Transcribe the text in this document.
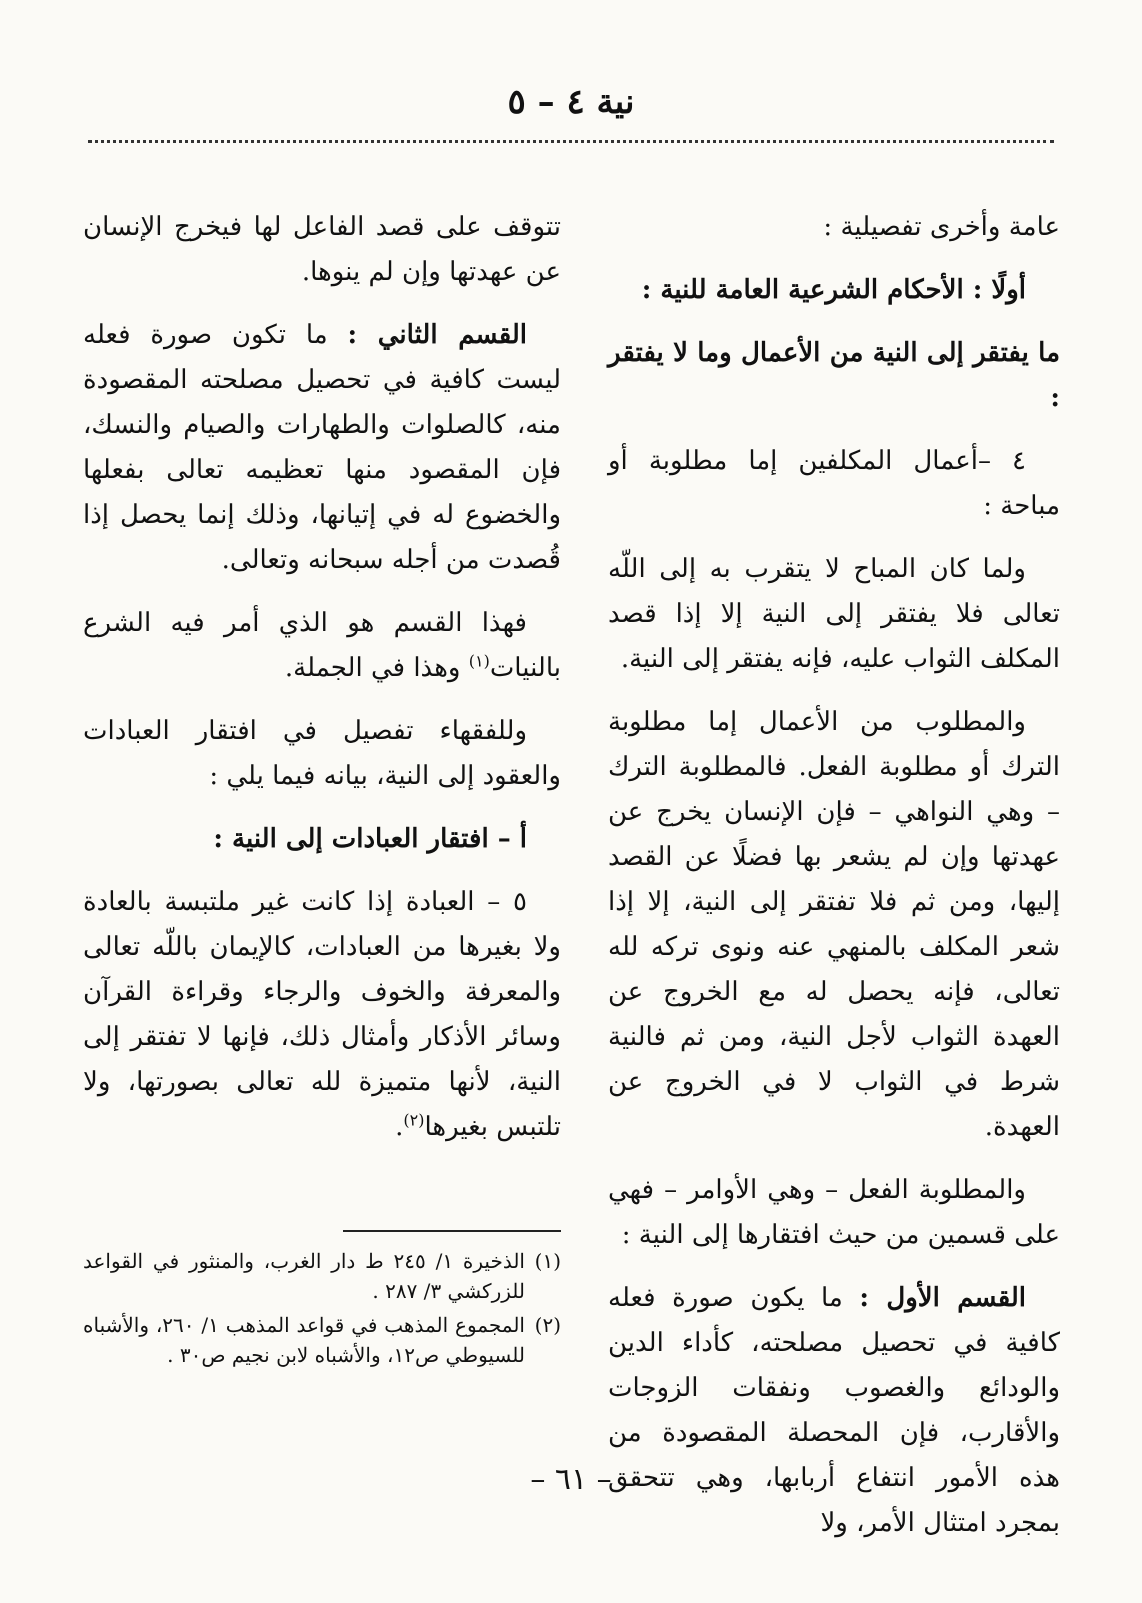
نية ٤ – ٥

عامة وأخرى تفصيلية :

أولًا : الأحكام الشرعية العامة للنية :

ما يفتقر إلى النية من الأعمال وما لا يفتقر :

٤ –أعمال المكلفين إما مطلوبة أو مباحة :

ولما كان المباح لا يتقرب به إلى اللّه تعالى فلا يفتقر إلى النية إلا إذا قصد المكلف الثواب عليه، فإنه يفتقر إلى النية.

والمطلوب من الأعمال إما مطلوبة الترك أو مطلوبة الفعل. فالمطلوبة الترك – وهي النواهي – فإن الإنسان يخرج عن عهدتها وإن لم يشعر بها فضلًا عن القصد إليها، ومن ثم فلا تفتقر إلى النية، إلا إذا شعر المكلف بالمنهي عنه ونوى تركه لله تعالى، فإنه يحصل له مع الخروج عن العهدة الثواب لأجل النية، ومن ثم فالنية شرط في الثواب لا في الخروج عن العهدة.

والمطلوبة الفعل – وهي الأوامر – فهي على قسمين من حيث افتقارها إلى النية :

القسم الأول : ما يكون صورة فعله كافية في تحصيل مصلحته، كأداء الدين والودائع والغصوب ونفقات الزوجات والأقارب، فإن المحصلة المقصودة من هذه الأمور انتفاع أربابها، وهي تتحقق بمجرد امتثال الأمر، ولا

تتوقف على قصد الفاعل لها فيخرج الإنسان عن عهدتها وإن لم ينوها.

القسم الثاني : ما تكون صورة فعله ليست كافية في تحصيل مصلحته المقصودة منه، كالصلوات والطهارات والصيام والنسك، فإن المقصود منها تعظيمه تعالى بفعلها والخضوع له في إتيانها، وذلك إنما يحصل إذا قُصدت من أجله سبحانه وتعالى.

فهذا القسم هو الذي أمر فيه الشرع بالنيات$^{(١)}$ وهذا في الجملة.

وللفقهاء تفصيل في افتقار العبادات والعقود إلى النية، بيانه فيما يلي :

أ – افتقار العبادات إلى النية :

٥ – العبادة إذا كانت غير ملتبسة بالعادة ولا بغيرها من العبادات، كالإيمان باللّه تعالى والمعرفة والخوف والرجاء وقراءة القرآن وسائر الأذكار وأمثال ذلك، فإنها لا تفتقر إلى النية، لأنها متميزة لله تعالى بصورتها، ولا تلتبس بغيرها$^{(٢)}$.

(١)
الذخيرة ١/ ٢٤٥ ط دار الغرب، والمنثور في القواعد للزركشي ٣/ ٢٨٧ .
(٢)
المجموع المذهب في قواعد المذهب ١/ ٢٦٠، والأشباه للسيوطي ص١٢، والأشباه لابن نجيم ص٣٠ .
– ٦١ –
